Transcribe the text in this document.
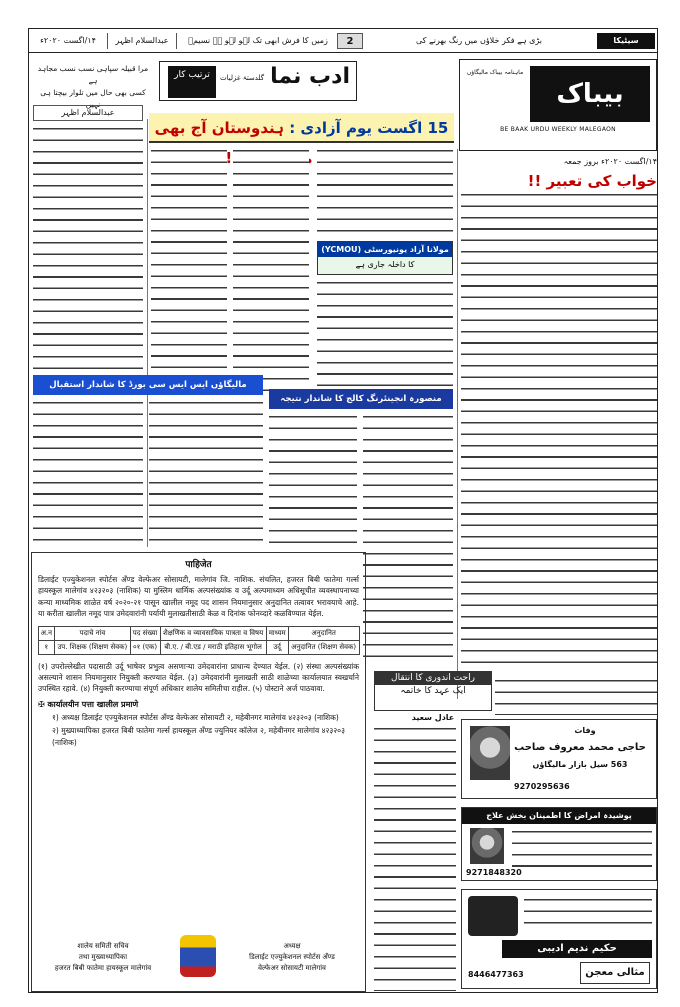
۱۴/اگست ۲۰۲۰ء	عبدالسلام اظہر	زمیں کا فرش ابھی تک لہو لہو ہے نسیمؔ	2	بڑی ہے فکر خلاؤں میں رنگ بھرنے کی	سیٹیکا
ماہنامہ بیباک مالیگاؤں
بیباک
BE BAAK URDU WEEKLY MALEGAON
۱۴/اگست ۲۰۲۰ء بروز جمعہ
خواب کی تعبیر !!
ادب نما
ترتیب کار	گلدستۂ غزلیات
مرا قبیلہ سپاہی نسب نسب مجاہد ہے
کسی بھی حال میں تلوار بیچتا ہی نہیں
عبدالسلام اظہر
15 اگست یوم آزادی : ہندوستان آج بھی
مولانا آزاد یونیورسٹی (YCMOU)
کا داخلہ جاری ہے
مالیگاؤں ایس ایس سی بورڈ کا شاندار استقبال
منصورہ انجینئرنگ کالج کا شاندار نتیجہ
पाहिजेत
डिलाईट एज्युकेशनल स्पोर्टस अँण्ड वेल्फेअर सोसायटी, मालेगांव जि. नाशिक. संचलित, हजरत बिबी फातेमा गर्ल्स हायस्कूल मालेगांव ४२३२०३ (नाशिक) या मुस्लिम धार्मिक अल्पसंख्यांक व उर्दू अल्पमाध्यम अधिसूचीत व्यवस्थापनाच्या कन्या माध्यमिक शाळेत वर्ष २०२०-२१ पासून खालील नमूद पद शासन नियमानुसार अनुदानित तत्वावर भरावयाचे आहे. या करीता खालील नमूद पात्र उमेदवारांनी पर्यायी मुलाखतीसाठी केळ व दिनांक फोनव्दारे कळविण्यात येईल.
अ.न	पदाचे नांव	पद संख्या	शैक्षणिक व व्यावसायिक पात्रता व विषय	माध्यम	अनुदानित
१	उप. शिक्षक (शिक्षण सेवक)	०१ (एक)	बी.ए. / बी.एड / मराठी इतिहास भूगोल	उर्दू	अनुदानित (शिक्षण सेवक)
(१) उपरोल्लेखीत पदासाठी उर्दू भाषेवर प्रभुत्व असणाऱ्या उमेदवारांना प्राधान्य देण्यात येईल. (२) संस्था अल्पसंख्यांक असल्याने शासन नियमानुसार नियुक्ती करण्यात येईल. (३) उमेदवारांनी मुलाखती साठी शाळेच्या कार्यालयात स्वखर्चाने उपस्थित रहावे. (४) नियुक्ती करण्याचा संपूर्ण अधिकार शालेय समितीचा राहील. (५) पोस्टाने अर्ज पाठवावा.
✠ कार्यालयीन पत्ता खालील प्रमाणे
१) अध्यक्ष डिलाईट एज्युकेशनल स्पोर्टस अँण्ड वेल्फेअर सोसायटी २, महेबीनगर मालेगांव ४२३२०३ (नाशिक)
२) मुख्याध्यापिका हजरत बिबी फातेमा गर्ल्स हायस्कूल अँण्ड ज्युनियर कॉलेज २, महेबीनगर मालेगांव ४२३२०३ (नाशिक)
शालेय समिती सचिव
तथा मुख्याध्यापिका
हजरत बिबी फातेमा हायस्कूल मालेगांव
अध्यक्ष
डिलाईट एज्युकेशनल स्पोर्टस अँण्ड
वेल्फेअर सोसायटी मालेगांव
راحت اندوری کا انتقال
ایک عہد کا خاتمہ
عادل سعید
وفات
حاجی محمد معروف صاحب
563 سیل بازار مالیگاؤں
9270295636
پوشیدہ امراض کا اطمینان بخش علاج
9271848320
حکیم ندیم ادیبی
8446477363	مثالی معجن
